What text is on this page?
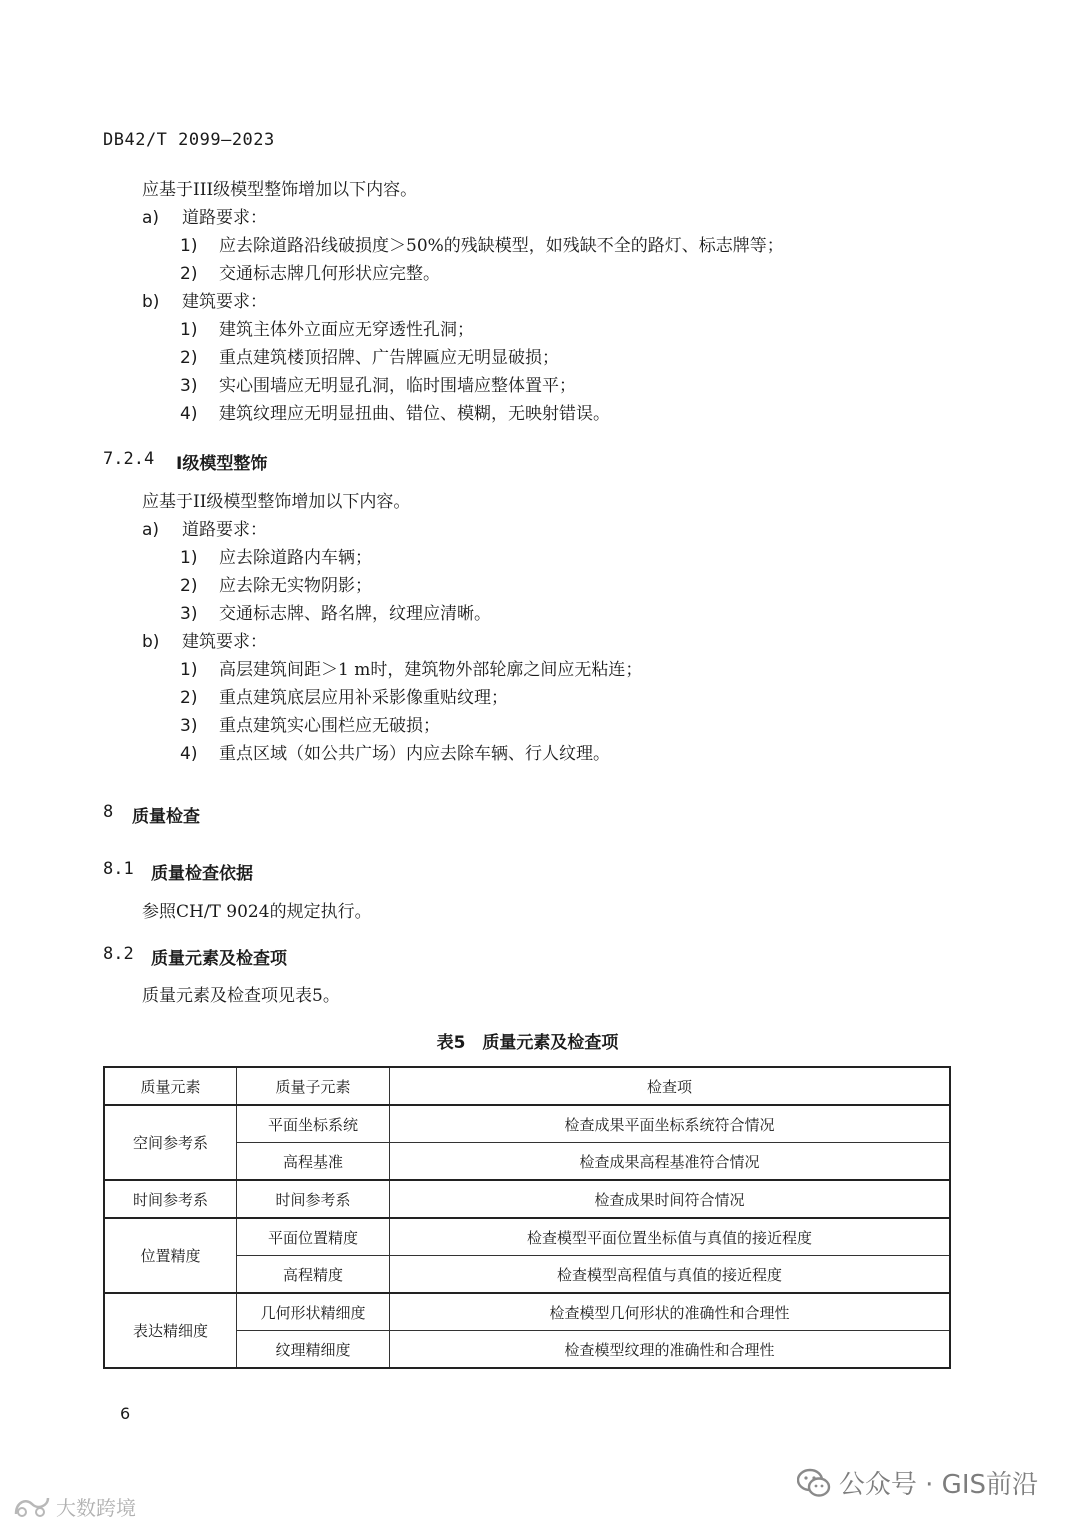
DB42/T 2099—2023
应基于III级模型整饰增加以下内容。
a) 道路要求：
1) 应去除道路沿线破损度＞50%的残缺模型，如残缺不全的路灯、标志牌等；
2) 交通标志牌几何形状应完整。
b) 建筑要求：
1) 建筑主体外立面应无穿透性孔洞；
2) 重点建筑楼顶招牌、广告牌匾应无明显破损；
3) 实心围墙应无明显孔洞，临时围墙应整体置平；
4) 建筑纹理应无明显扭曲、错位、模糊，无映射错误。
7.2.4 Ⅰ级模型整饰
应基于II级模型整饰增加以下内容。
a) 道路要求：
1) 应去除道路内车辆；
2) 应去除无实物阴影；
3) 交通标志牌、路名牌，纹理应清晰。
b) 建筑要求：
1) 高层建筑间距＞1 m时，建筑物外部轮廓之间应无粘连；
2) 重点建筑底层应用补采影像重贴纹理；
3) 重点建筑实心围栏应无破损；
4) 重点区域（如公共广场）内应去除车辆、行人纹理。
8 质量检查
8.1 质量检查依据
参照CH/T 9024的规定执行。
8.2 质量元素及检查项
质量元素及检查项见表5。
表5　质量元素及检查项
质量元素	质量子元素	检查项
空间参考系	平面坐标系统	检查成果平面坐标系统符合情况
	高程基准	检查成果高程基准符合情况
时间参考系	时间参考系	检查成果时间符合情况
位置精度	平面位置精度	检查模型平面位置坐标值与真值的接近程度
	高程精度	检查模型高程值与真值的接近程度
表达精细度	几何形状精细度	检查模型几何形状的准确性和合理性
	纹理精细度	检查模型纹理的准确性和合理性
6
公众号 · GIS前沿
大数跨境
